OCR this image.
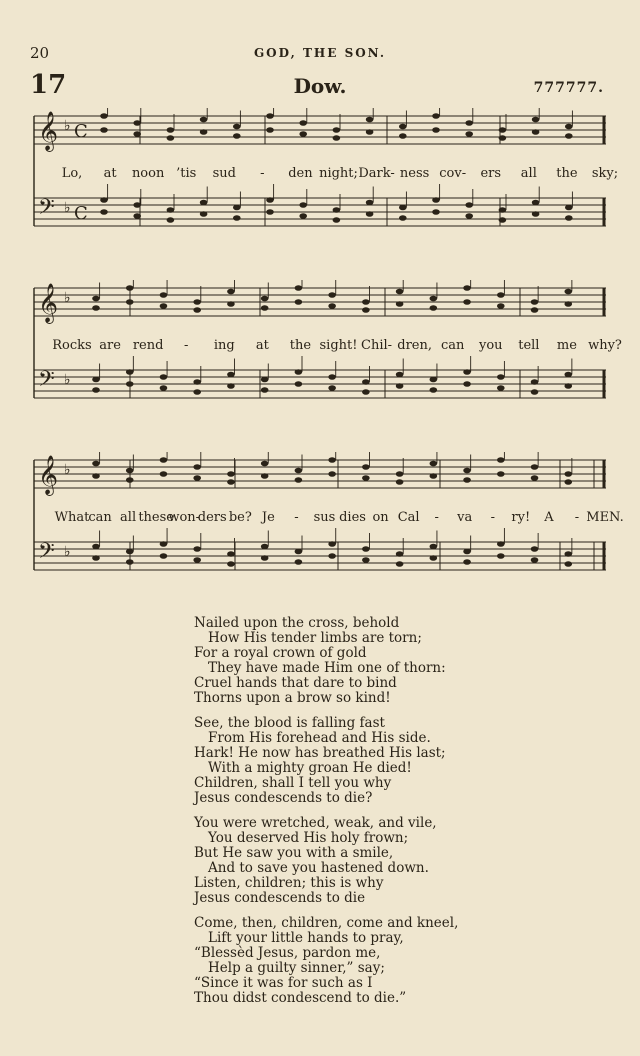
20	GOD, THE SON.
17	Dow.	777777.
𝄞 ♭ C
𝄢 ♭ C
Lo, at noon ’tis sud - den night; Dark- ness cov- ers all the sky;
𝄞 ♭
𝄢 ♭
Rocks are rend - ing at the sight! Chil- dren, can you tell me why?
𝄞 ♭
𝄢 ♭
What
can all these
won-
ders be? Je - sus dies on Cal - va - ry! A - MEN.
Nailed upon the cross, behold
How His tender limbs are torn;
For a royal crown of gold
They have made Him one of thorn:
Cruel hands that dare to bind
Thorns upon a brow so kind!
See, the blood is falling fast
From His forehead and His side.
Hark! He now has breathed His last;
With a mighty groan He died!
Children, shall I tell you why
Jesus condescends to die?
You were wretched, weak, and vile,
You deserved His holy frown;
But He saw you with a smile,
And to save you hastened down.
Listen, children; this is why
Jesus condescends to die
Come, then, children, come and kneel,
Lift your little hands to pray,
“Blessèd Jesus, pardon me,
Help a guilty sinner,” say;
“Since it was for such as I
Thou didst condescend to die.”
